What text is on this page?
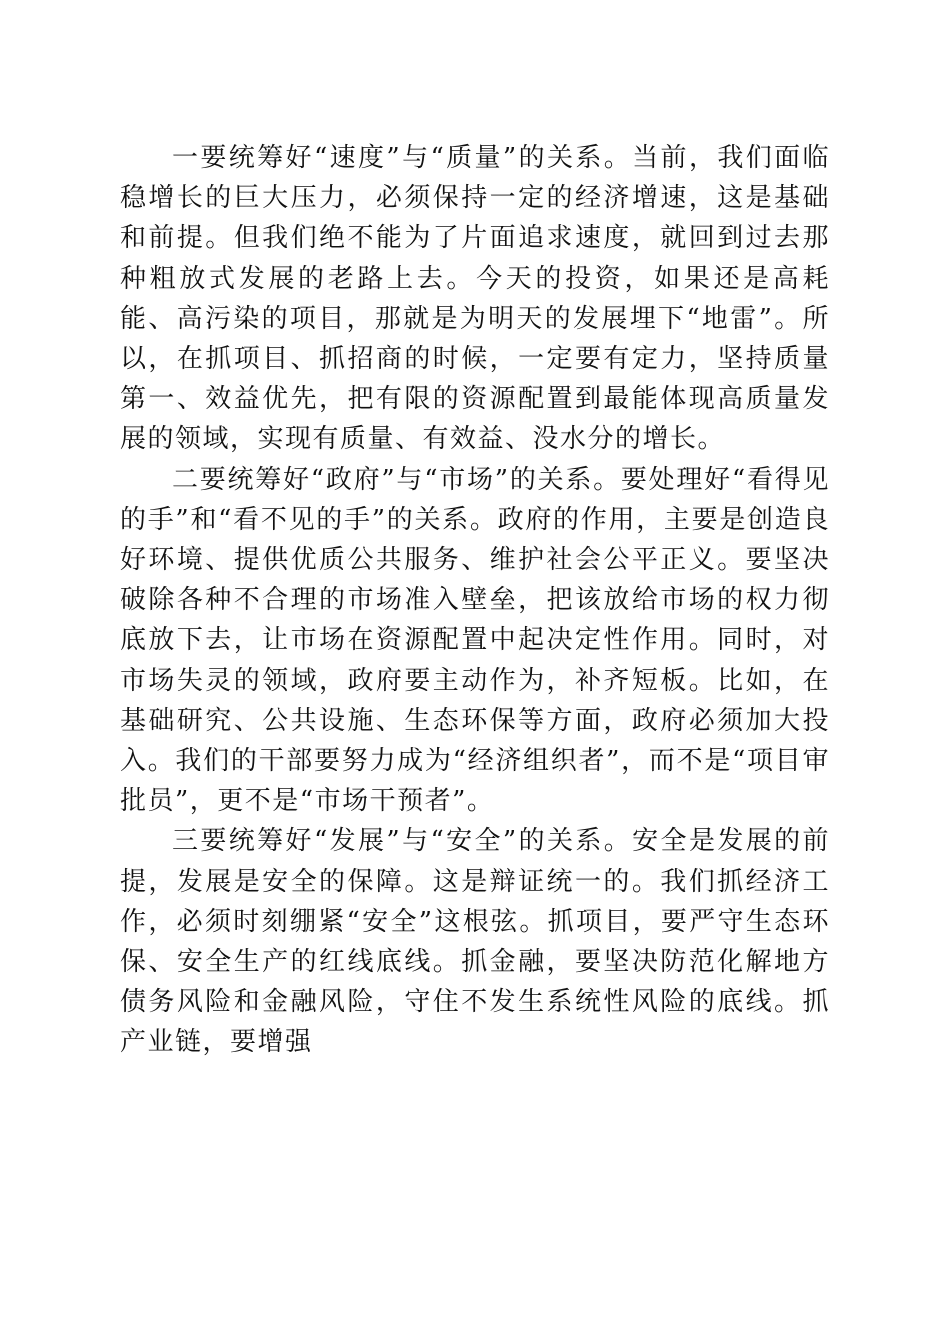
一要统筹好“速度”与“质量”的关系。当前，我们面临稳增长的巨大压力，必须保持一定的经济增速，这是基础和前提。但我们绝不能为了片面追求速度，就回到过去那种粗放式发展的老路上去。今天的投资，如果还是高耗能、高污染的项目，那就是为明天的发展埋下“地雷”。所以，在抓项目、抓招商的时候，一定要有定力，坚持质量第一、效益优先，把有限的资源配置到最能体现高质量发展的领域，实现有质量、有效益、没水分的增长。

二要统筹好“政府”与“市场”的关系。要处理好“看得见的手”和“看不见的手”的关系。政府的作用，主要是创造良好环境、提供优质公共服务、维护社会公平正义。要坚决破除各种不合理的市场准入壁垒，把该放给市场的权力彻底放下去，让市场在资源配置中起决定性作用。同时，对市场失灵的领域，政府要主动作为，补齐短板。比如，在基础研究、公共设施、生态环保等方面，政府必须加大投入。我们的干部要努力成为“经济组织者”，而不是“项目审批员”，更不是“市场干预者”。

三要统筹好“发展”与“安全”的关系。安全是发展的前提，发展是安全的保障。这是辩证统一的。我们抓经济工作，必须时刻绷紧“安全”这根弦。抓项目，要严守生态环保、安全生产的红线底线。抓金融，要坚决防范化解地方债务风险和金融风险，守住不发生系统性风险的底线。抓产业链，要增强
